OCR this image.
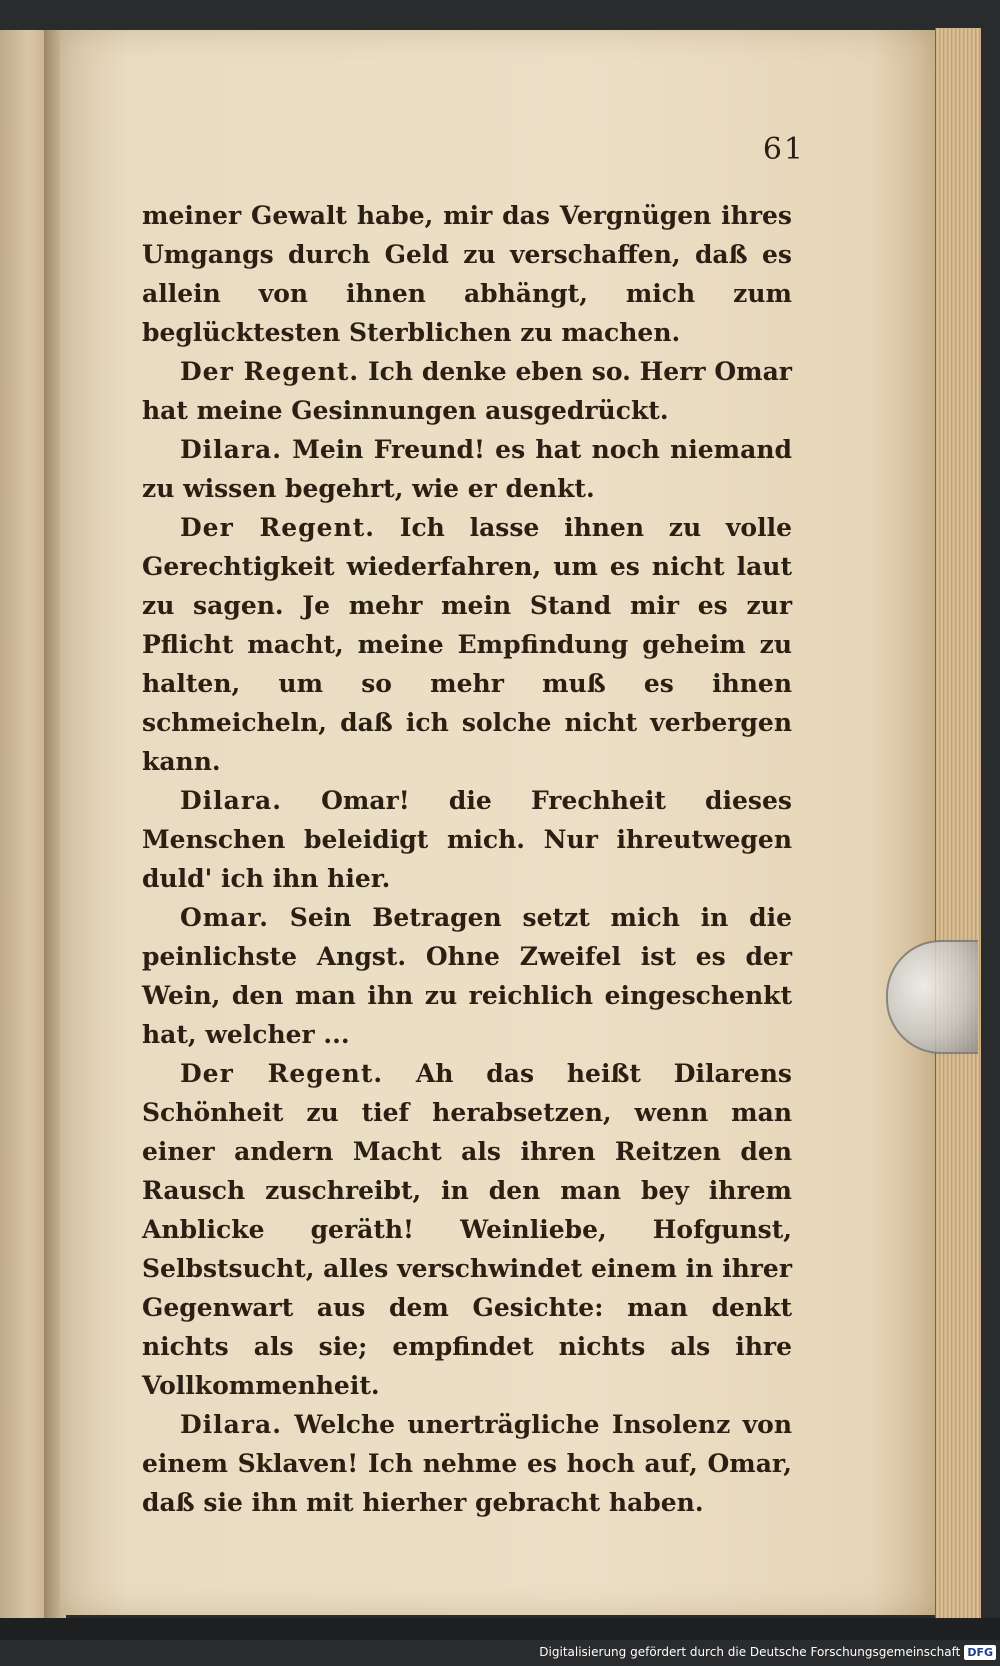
61

meiner Gewalt habe, mir das Vergnügen ihres Umgangs durch Geld zu verschaffen, daß es allein von ihnen abhängt, mich zum beglücktesten Sterblichen zu machen.

Der Regent. Ich denke eben so. Herr Omar hat meine Gesinnungen ausgedrückt.

Dilara. Mein Freund! es hat noch niemand zu wissen begehrt, wie er denkt.

Der Regent. Ich lasse ihnen zu volle Gerechtigkeit wiederfahren, um es nicht laut zu sagen. Je mehr mein Stand mir es zur Pflicht macht, meine Empfindung geheim zu halten, um so mehr muß es ihnen schmeicheln, daß ich solche nicht verbergen kann.

Dilara. Omar! die Frechheit dieses Menschen beleidigt mich. Nur ihreutwegen duld' ich ihn hier.

Omar. Sein Betragen setzt mich in die peinlichste Angst. Ohne Zweifel ist es der Wein, den man ihn zu reichlich eingeschenkt hat, welcher ...

Der Regent. Ah das heißt Dilarens Schönheit zu tief herabsetzen, wenn man einer andern Macht als ihren Reitzen den Rausch zuschreibt, in den man bey ihrem Anblicke geräth! Weinliebe, Hofgunst, Selbstsucht, alles verschwindet einem in ihrer Gegenwart aus dem Gesichte: man denkt nichts als sie; empfindet nichts als ihre Vollkommenheit.

Dilara. Welche unerträgliche Insolenz von einem Sklaven! Ich nehme es hoch auf, Omar, daß sie ihn mit hierher gebracht haben.

Digitalisierung gefördert durch die Deutsche Forschungsgemeinschaft DFG
